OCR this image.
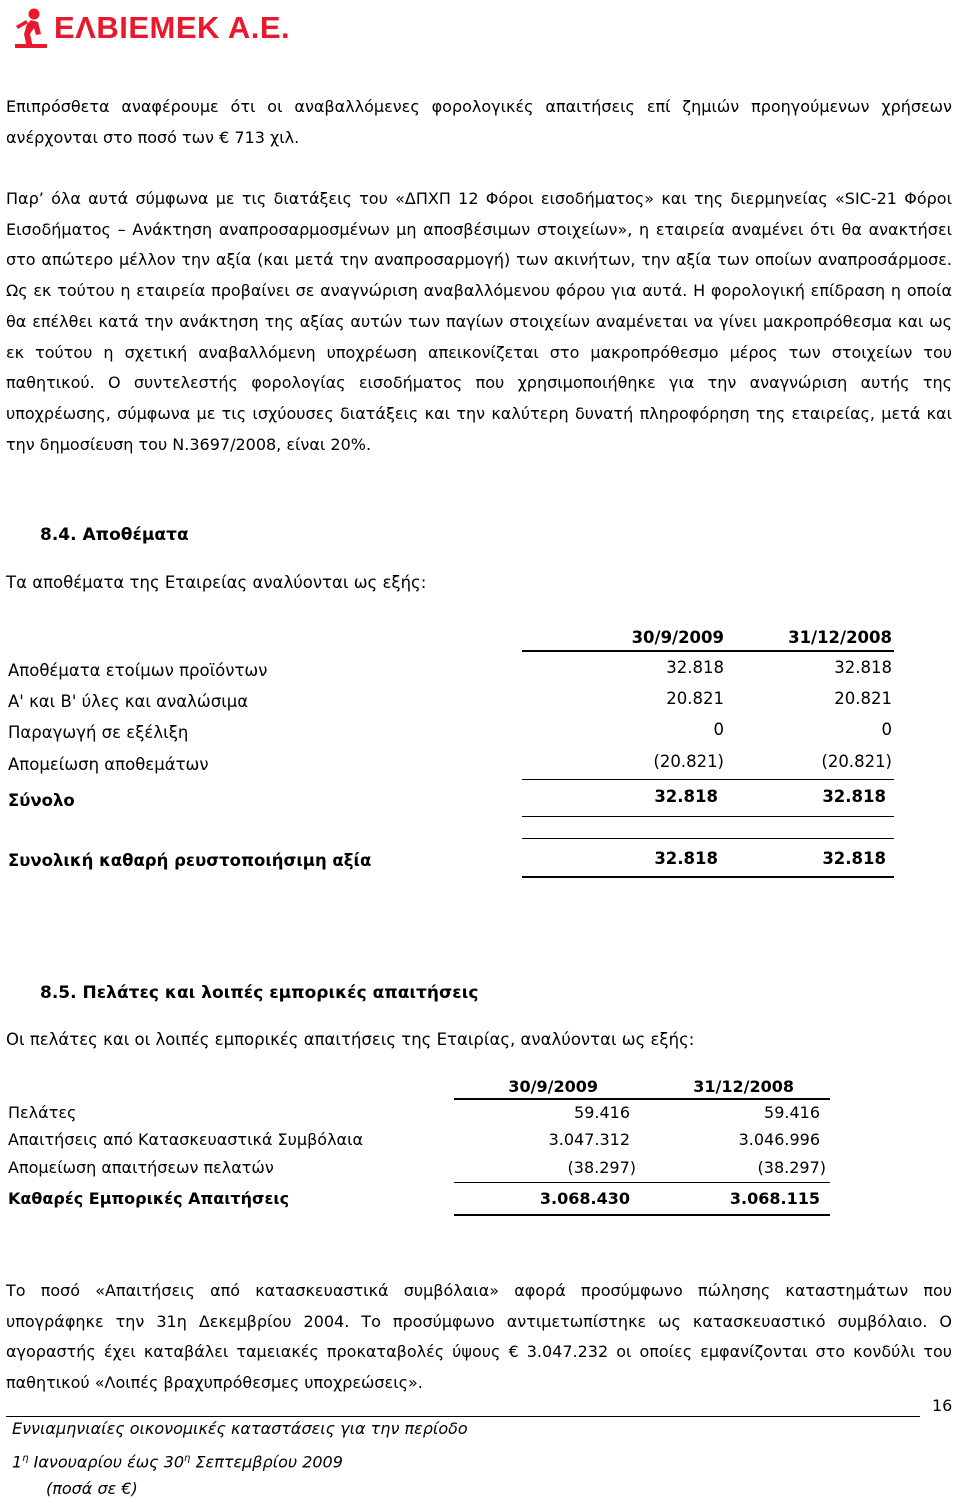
ΕΛΒΙΕΜΕΚ Α.Ε.

Επιπρόσθετα αναφέρουμε ότι οι αναβαλλόμενες φορολογικές απαιτήσεις επί ζημιών προηγούμενων χρήσεων ανέρχονται στο ποσό των € 713 χιλ.

Παρ’ όλα αυτά σύμφωνα με τις διατάξεις του «ΔΠΧΠ 12 Φόροι εισοδήματος» και της διερμηνείας «SIC-21 Φόροι Εισοδήματος – Ανάκτηση αναπροσαρμοσμένων μη αποσβέσιμων στοιχείων», η εταιρεία αναμένει ότι θα ανακτήσει στο απώτερο μέλλον την αξία (και μετά την αναπροσαρμογή) των ακινήτων, την αξία των οποίων αναπροσάρμοσε. Ως εκ τούτου η εταιρεία προβαίνει σε αναγνώριση αναβαλλόμενου φόρου για αυτά. Η φορολογική επίδραση η οποία θα επέλθει κατά την ανάκτηση της αξίας αυτών των παγίων στοιχείων αναμένεται να γίνει μακροπρόθεσμα και ως εκ τούτου η σχετική αναβαλλόμενη υποχρέωση απεικονίζεται στο μακροπρόθεσμο μέρος των στοιχείων του παθητικού. Ο συντελεστής φορολογίας εισοδήματος που χρησιμοποιήθηκε για την αναγνώριση αυτής της υποχρέωσης, σύμφωνα με τις ισχύουσες διατάξεις και την καλύτερη δυνατή πληροφόρηση της εταιρείας, μετά και την δημοσίευση του Ν.3697/2008, είναι 20%.

8.4. Αποθέματα
Τα αποθέματα της Εταιρείας αναλύονται ως εξής:
30/9/2009	31/12/2008
Αποθέματα ετοίμων προϊόντων	32.818	32.818
Α' και Β' ύλες και αναλώσιμα	20.821	20.821
Παραγωγή σε εξέλιξη	0	0
Απομείωση αποθεμάτων	(20.821)	(20.821)
Σύνολο	32.818	32.818
Συνολική καθαρή ρευστοποιήσιμη αξία	32.818	32.818
8.5. Πελάτες και λοιπές εμπορικές απαιτήσεις
Οι πελάτες και οι λοιπές εμπορικές απαιτήσεις της Εταιρίας, αναλύονται ως εξής:
30/9/2009	31/12/2008
Πελάτες	59.416	59.416
Απαιτήσεις από Κατασκευαστικά Συμβόλαια	3.047.312	3.046.996
Απομείωση απαιτήσεων πελατών	(38.297)	(38.297)
Καθαρές Εμπορικές Απαιτήσεις	3.068.430	3.068.115

Το ποσό «Απαιτήσεις από κατασκευαστικά συμβόλαια» αφορά προσύμφωνο πώλησης καταστημάτων που υπογράφηκε την 31η Δεκεμβρίου 2004. Το προσύμφωνο αντιμετωπίστηκε ως κατασκευαστικό συμβόλαιο. Ο αγοραστής έχει καταβάλει ταμειακές προκαταβολές ύψους € 3.047.232 οι οποίες εμφανίζονται στο κονδύλι του παθητικού «Λοιπές βραχυπρόθεσμες υποχρεώσεις».

16
Εννιαμηνιαίες οικονομικές καταστάσεις για την περίοδο
$1^\eta$ Ιανουαρίου έως $30^\eta$ Σεπτεμβρίου 2009
(ποσά σε €)
